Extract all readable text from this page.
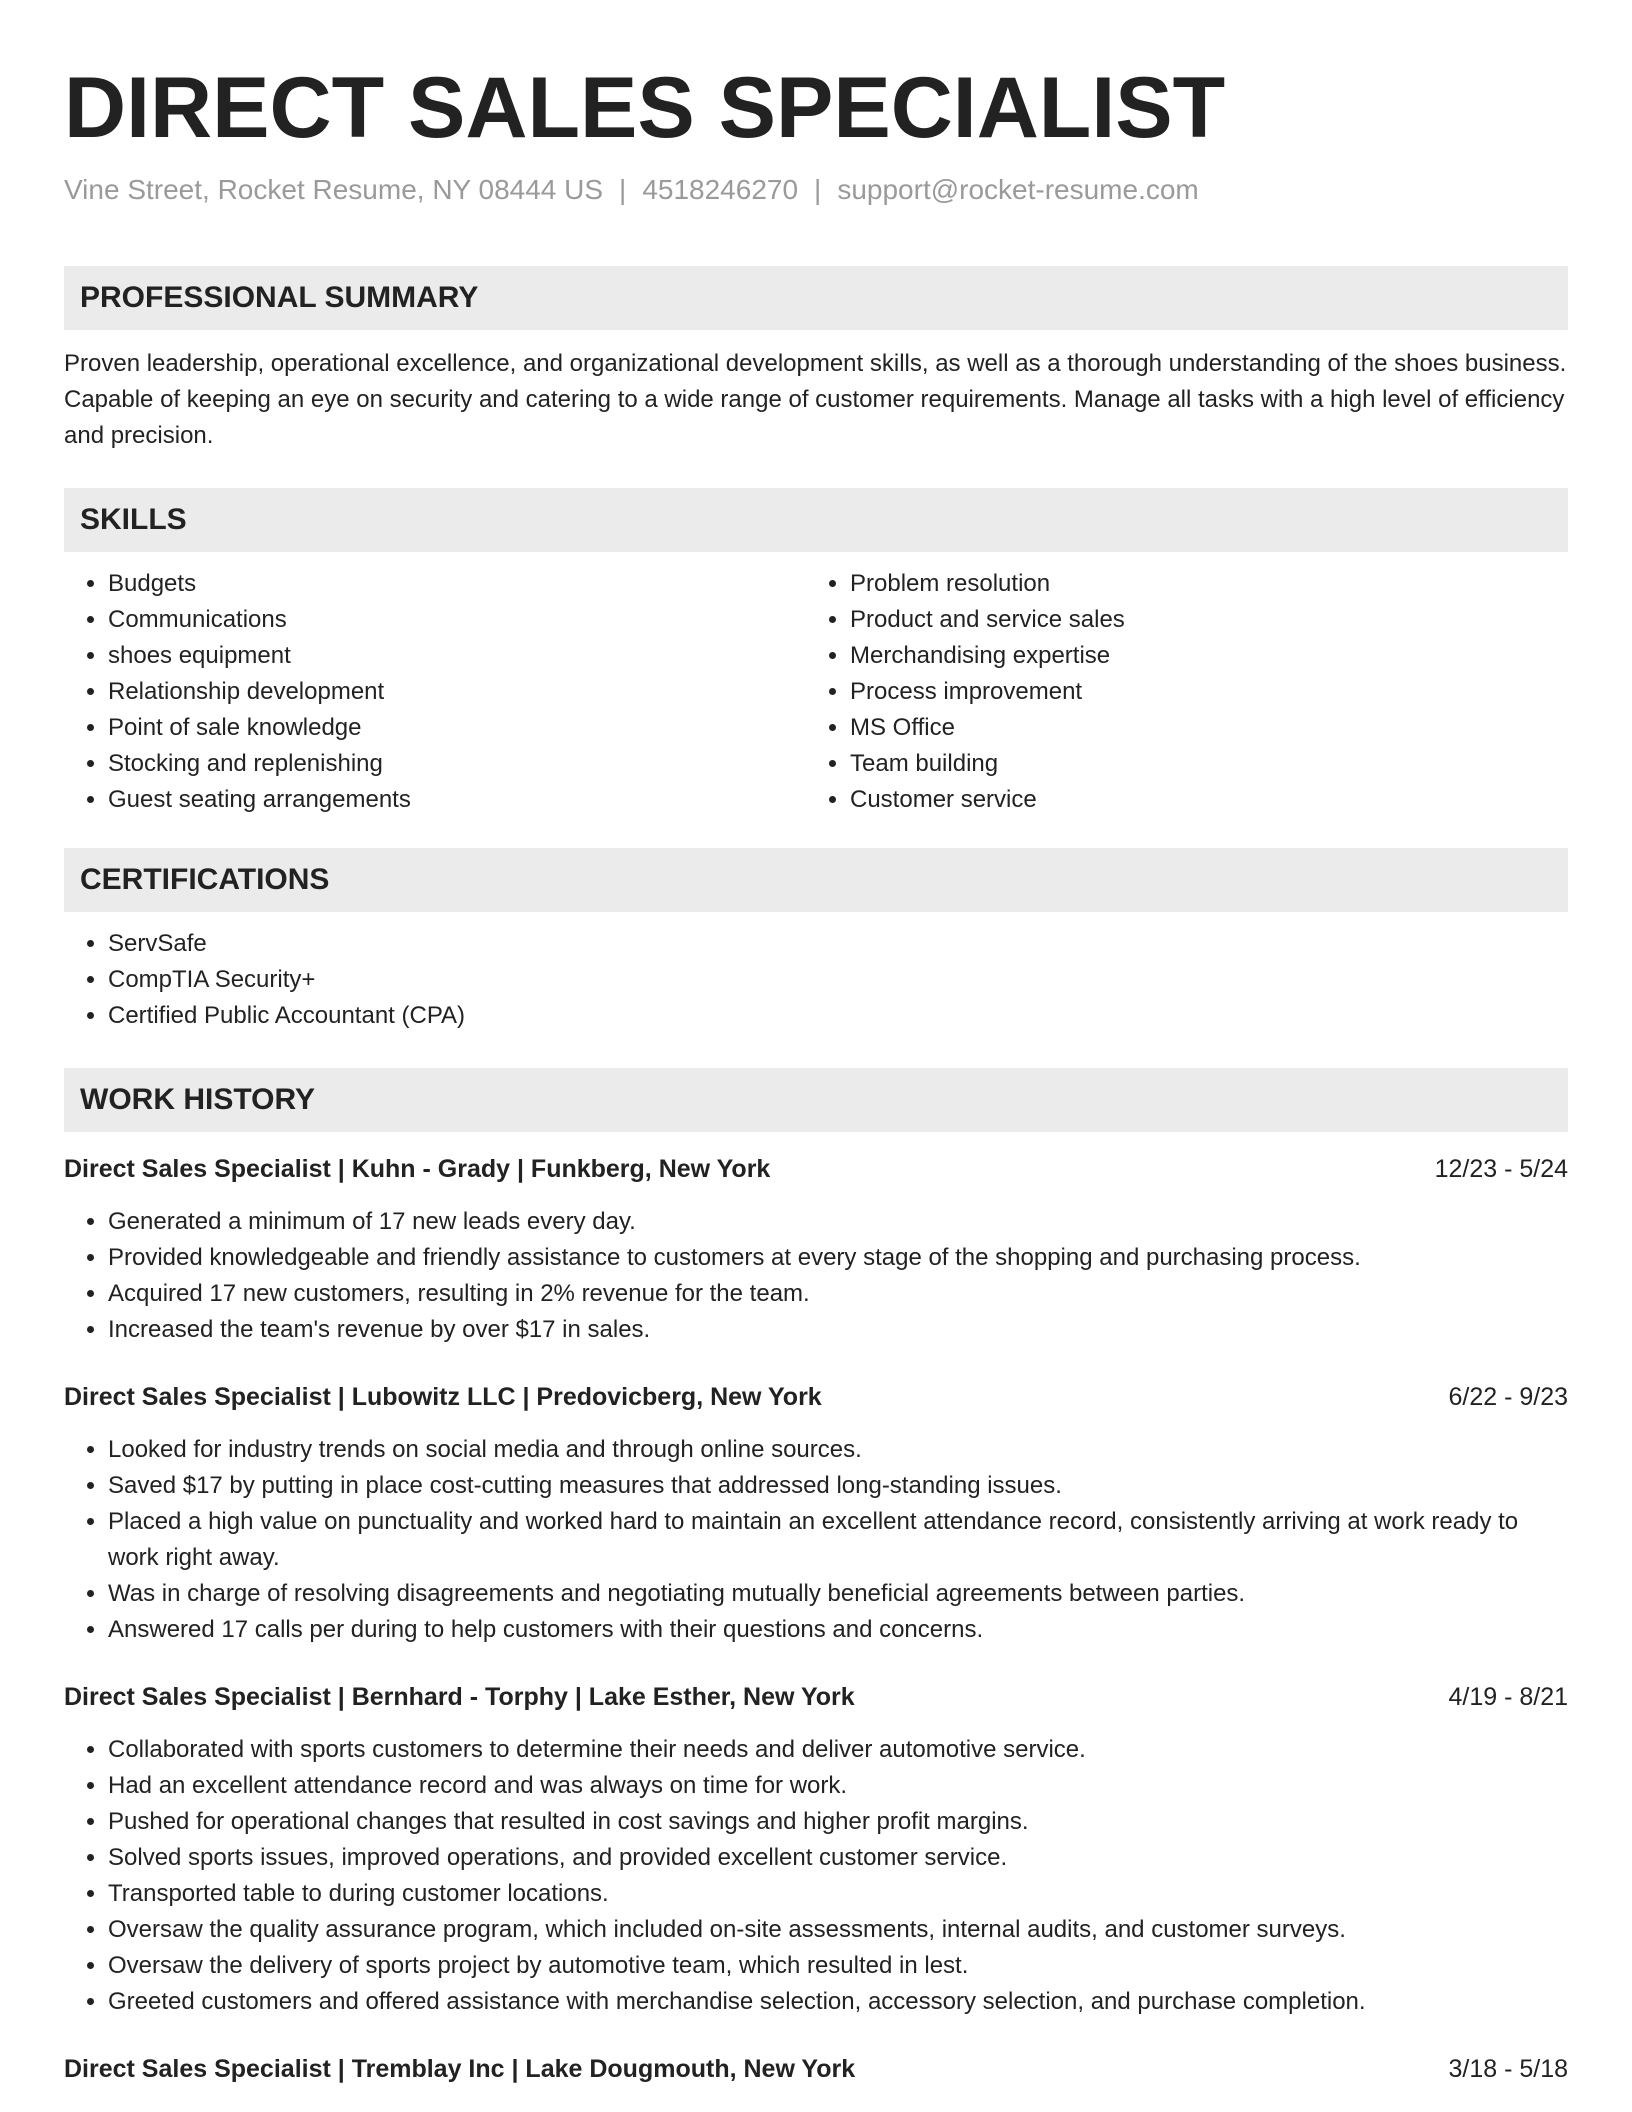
DIRECT SALES SPECIALIST
Vine Street, Rocket Resume, NY 08444 US | 4518246270 | support@rocket-resume.com
PROFESSIONAL SUMMARY
Proven leadership, operational excellence, and organizational development skills, as well as a thorough understanding of the shoes business. Capable of keeping an eye on security and catering to a wide range of customer requirements. Manage all tasks with a high level of efficiency and precision.
SKILLS
• Budgets
• Communications
• shoes equipment
• Relationship development
• Point of sale knowledge
• Stocking and replenishing
• Guest seating arrangements
• Problem resolution
• Product and service sales
• Merchandising expertise
• Process improvement
• MS Office
• Team building
• Customer service
CERTIFICATIONS
• ServSafe
• CompTIA Security+
• Certified Public Accountant (CPA)
WORK HISTORY
Direct Sales Specialist | Kuhn - Grady | Funkberg, New York	12/23 - 5/24
• Generated a minimum of 17 new leads every day.
• Provided knowledgeable and friendly assistance to customers at every stage of the shopping and purchasing process.
• Acquired 17 new customers, resulting in 2% revenue for the team.
• Increased the team's revenue by over $17 in sales.
Direct Sales Specialist | Lubowitz LLC | Predovicberg, New York	6/22 - 9/23
• Looked for industry trends on social media and through online sources.
• Saved $17 by putting in place cost-cutting measures that addressed long-standing issues.
• Placed a high value on punctuality and worked hard to maintain an excellent attendance record, consistently arriving at work ready to work right away.
• Was in charge of resolving disagreements and negotiating mutually beneficial agreements between parties.
• Answered 17 calls per during to help customers with their questions and concerns.
Direct Sales Specialist | Bernhard - Torphy | Lake Esther, New York	4/19 - 8/21
• Collaborated with sports customers to determine their needs and deliver automotive service.
• Had an excellent attendance record and was always on time for work.
• Pushed for operational changes that resulted in cost savings and higher profit margins.
• Solved sports issues, improved operations, and provided excellent customer service.
• Transported table to during customer locations.
• Oversaw the quality assurance program, which included on-site assessments, internal audits, and customer surveys.
• Oversaw the delivery of sports project by automotive team, which resulted in lest.
• Greeted customers and offered assistance with merchandise selection, accessory selection, and purchase completion.
Direct Sales Specialist | Tremblay Inc | Lake Dougmouth, New York	3/18 - 5/18
